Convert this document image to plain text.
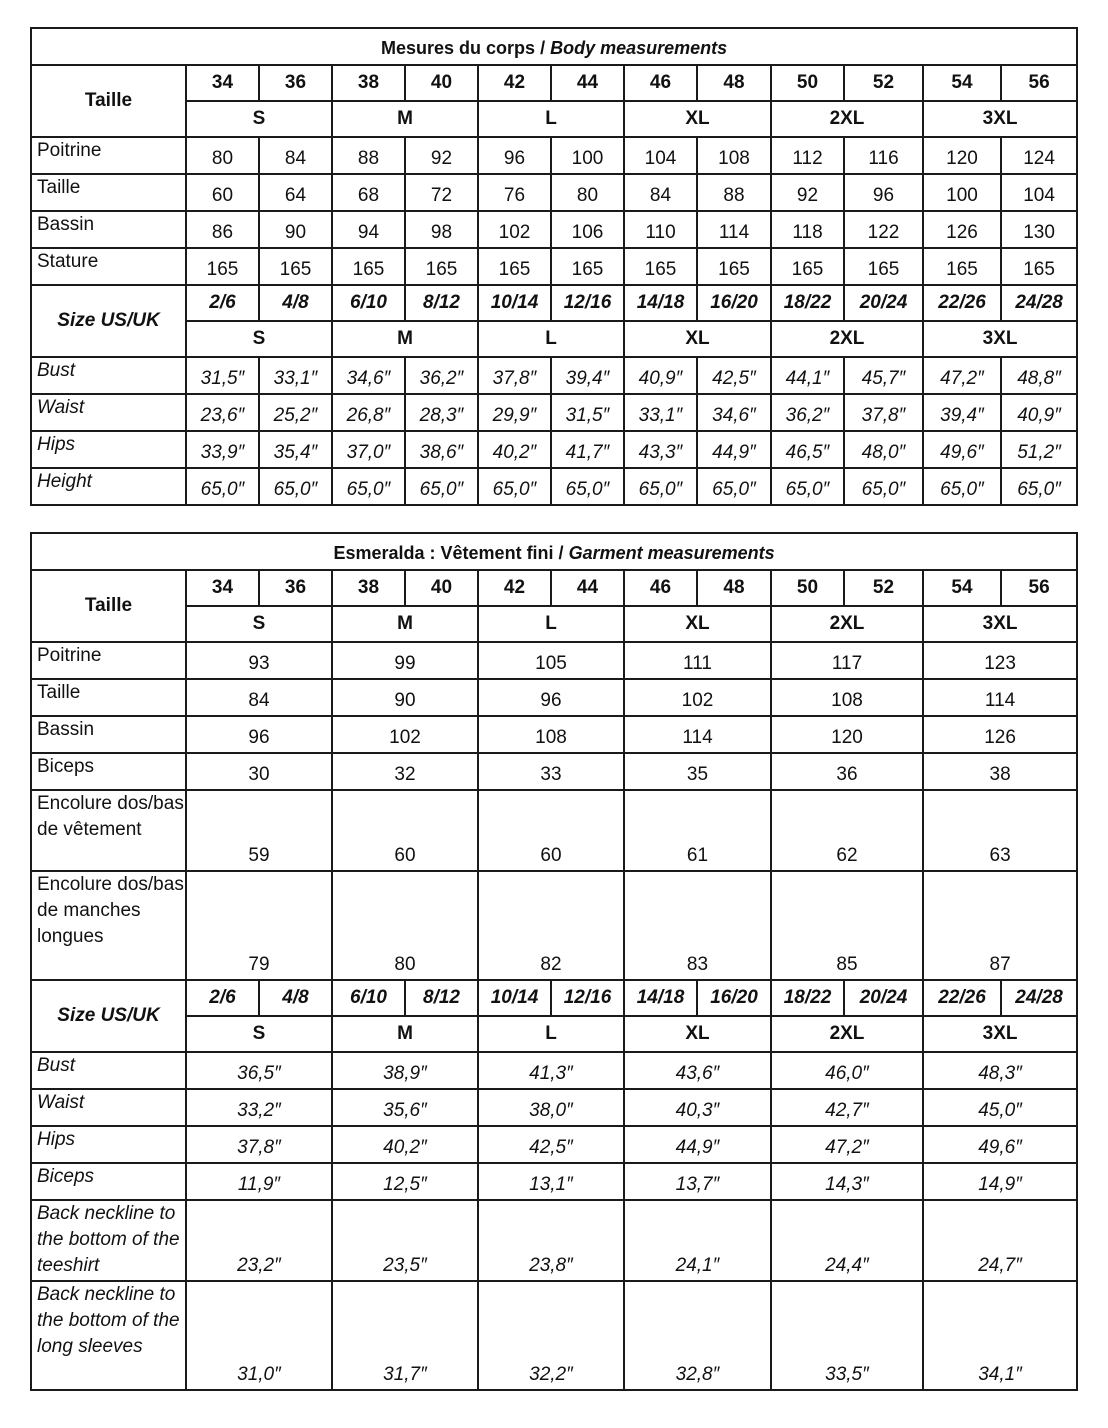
Mesures du corps / Body measurements												
Taille	34	36	38	40	42	44	46	48	50	52	54	56
	S		M		L		XL		2XL		3XL	
Poitrine	80	84	88	92	96	100	104	108	112	116	120	124
Taille	60	64	68	72	76	80	84	88	92	96	100	104
Bassin	86	90	94	98	102	106	110	114	118	122	126	130
Stature	165	165	165	165	165	165	165	165	165	165	165	165
Size US/UK	2/6	4/8	6/10	8/12	10/14	12/16	14/18	16/20	18/22	20/24	22/26	24/28
	S		M		L		XL		2XL		3XL	
Bust	31,5″	33,1″	34,6″	36,2″	37,8″	39,4″	40,9″	42,5″	44,1″	45,7″	47,2″	48,8″
Waist	23,6″	25,2″	26,8″	28,3″	29,9″	31,5″	33,1″	34,6″	36,2″	37,8″	39,4″	40,9″
Hips	33,9″	35,4″	37,0″	38,6″	40,2″	41,7″	43,3″	44,9″	46,5″	48,0″	49,6″	51,2″
Height	65,0″	65,0″	65,0″	65,0″	65,0″	65,0″	65,0″	65,0″	65,0″	65,0″	65,0″	65,0″
Esmeralda : Vêtement fini / Garment measurements												
Taille	34	36	38	40	42	44	46	48	50	52	54	56
	S		M		L		XL		2XL		3XL	
Poitrine	93		99		105		111		117		123	
Taille	84		90		96		102		108		114	
Bassin	96		102		108		114		120		126	
Biceps	30		32		33		35		36		38	
Encolure dos/bas de vêtement	59		60		60		61		62		63	
Encolure dos/bas de manches longues	79		80		82		83		85		87	
Size US/UK	2/6	4/8	6/10	8/12	10/14	12/16	14/18	16/20	18/22	20/24	22/26	24/28
	S		M		L		XL		2XL		3XL	
Bust	36,5″		38,9″		41,3″		43,6″		46,0″		48,3″	
Waist	33,2″		35,6″		38,0″		40,3″		42,7″		45,0″	
Hips	37,8″		40,2″		42,5″		44,9″		47,2″		49,6″	
Biceps	11,9″		12,5″		13,1″		13,7″		14,3″		14,9″	
Back neckline to the bottom of the teeshirt	23,2″		23,5″		23,8″		24,1″		24,4″		24,7″	
Back neckline to the bottom of the long sleeves	31,0″		31,7″		32,2″		32,8″		33,5″		34,1″	
